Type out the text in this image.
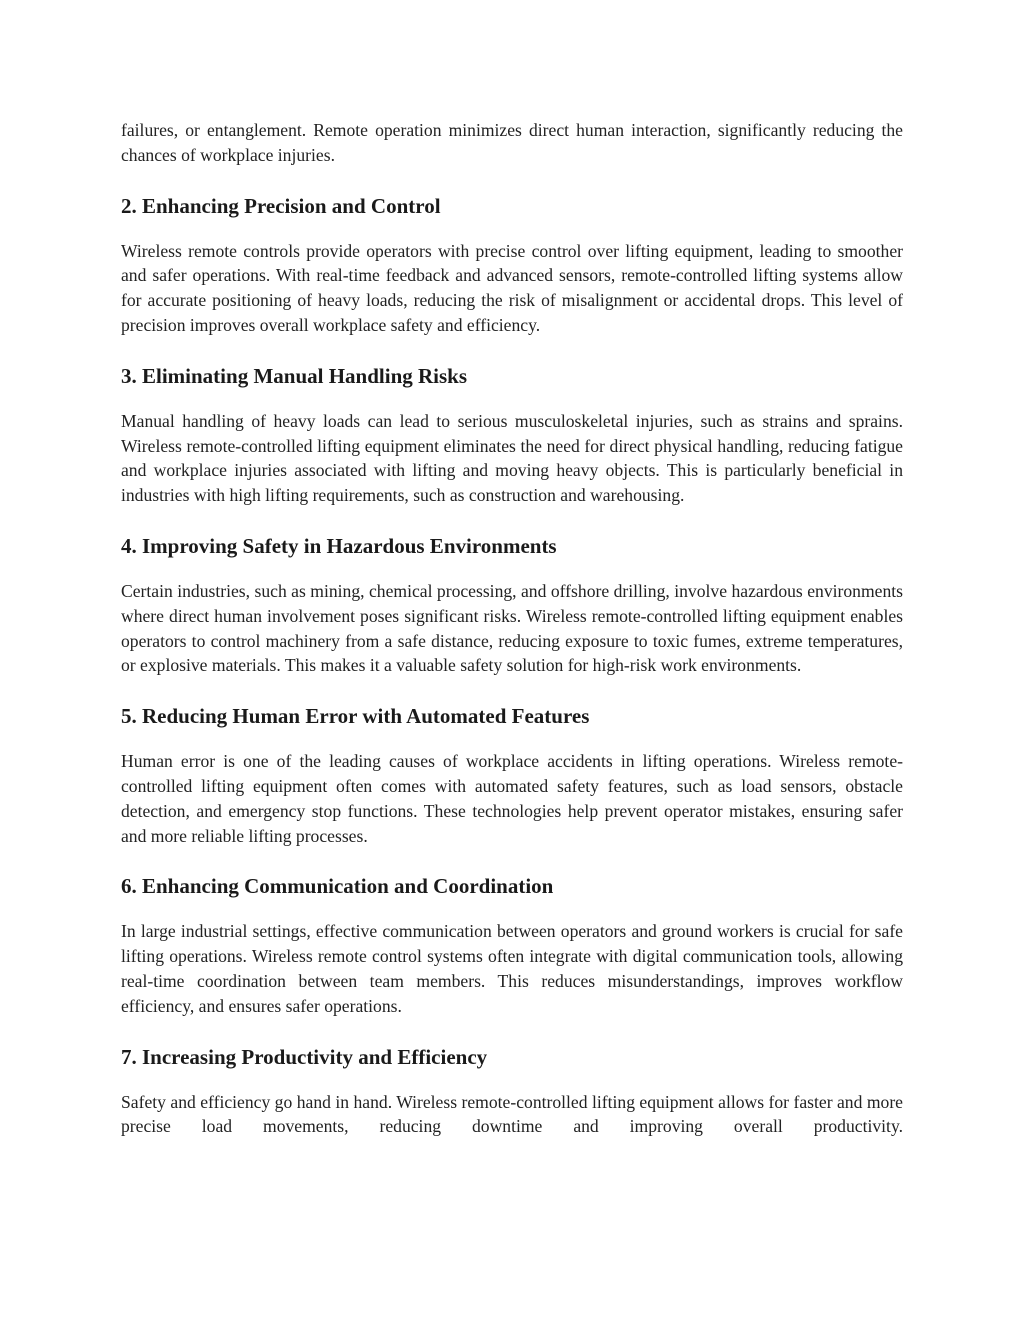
failures, or entanglement. Remote operation minimizes direct human interaction, significantly reducing the chances of workplace injuries.

2. Enhancing Precision and Control

Wireless remote controls provide operators with precise control over lifting equipment, leading to smoother and safer operations. With real-time feedback and advanced sensors, remote-controlled lifting systems allow for accurate positioning of heavy loads, reducing the risk of misalignment or accidental drops. This level of precision improves overall workplace safety and efficiency.

3. Eliminating Manual Handling Risks

Manual handling of heavy loads can lead to serious musculoskeletal injuries, such as strains and sprains. Wireless remote-controlled lifting equipment eliminates the need for direct physical handling, reducing fatigue and workplace injuries associated with lifting and moving heavy objects. This is particularly beneficial in industries with high lifting requirements, such as construction and warehousing.

4. Improving Safety in Hazardous Environments

Certain industries, such as mining, chemical processing, and offshore drilling, involve hazardous environments where direct human involvement poses significant risks. Wireless remote-controlled lifting equipment enables operators to control machinery from a safe distance, reducing exposure to toxic fumes, extreme temperatures, or explosive materials. This makes it a valuable safety solution for high-risk work environments.

5. Reducing Human Error with Automated Features

Human error is one of the leading causes of workplace accidents in lifting operations. Wireless remote-controlled lifting equipment often comes with automated safety features, such as load sensors, obstacle detection, and emergency stop functions. These technologies help prevent operator mistakes, ensuring safer and more reliable lifting processes.

6. Enhancing Communication and Coordination

In large industrial settings, effective communication between operators and ground workers is crucial for safe lifting operations. Wireless remote control systems often integrate with digital communication tools, allowing real-time coordination between team members. This reduces misunderstandings, improves workflow efficiency, and ensures safer operations.

7. Increasing Productivity and Efficiency

Safety and efficiency go hand in hand. Wireless remote-controlled lifting equipment allows for faster and more precise load movements, reducing downtime and improving overall productivity.
